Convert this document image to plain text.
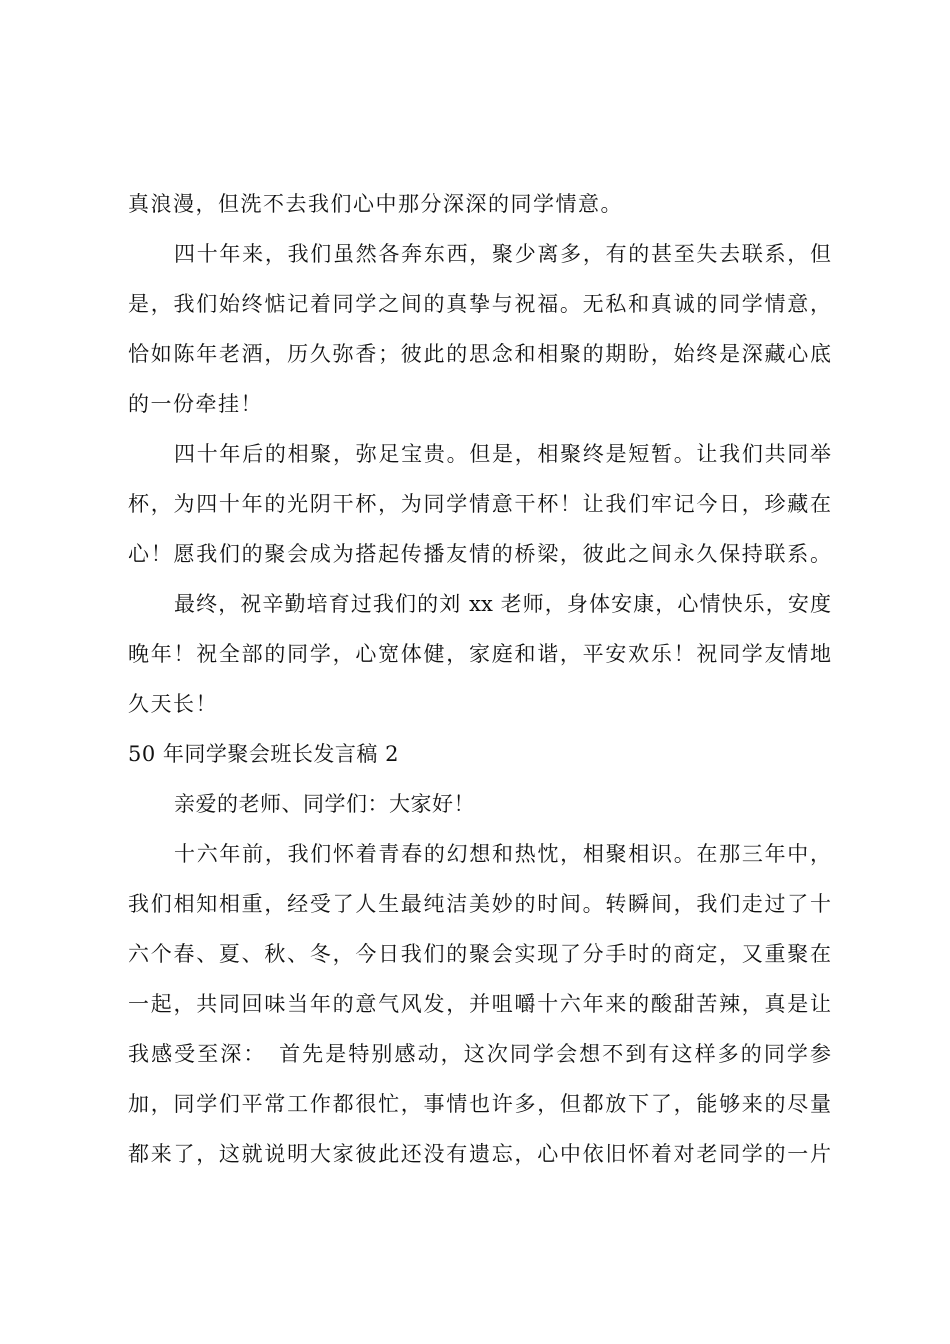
真浪漫，但洗不去我们心中那分深深的同学情意。
四十年来，我们虽然各奔东西，聚少离多，有的甚至失去联系，但
是，我们始终惦记着同学之间的真挚与祝福。无私和真诚的同学情意，
恰如陈年老酒，历久弥香；彼此的思念和相聚的期盼，始终是深藏心底
的一份牵挂！
四十年后的相聚，弥足宝贵。但是，相聚终是短暂。让我们共同举
杯，为四十年的光阴干杯，为同学情意干杯！让我们牢记今日，珍藏在
心！愿我们的聚会成为搭起传播友情的桥梁，彼此之间永久保持联系。
最终，祝辛勤培育过我们的刘 xx 老师，身体安康，心情快乐，安度
晚年！祝全部的同学，心宽体健，家庭和谐，平安欢乐！祝同学友情地
久天长！
50 年同学聚会班长发言稿 2
亲爱的老师、同学们：大家好！
十六年前，我们怀着青春的幻想和热忱，相聚相识。在那三年中，
我们相知相重，经受了人生最纯洁美妙的时间。转瞬间，我们走过了十
六个春、夏、秋、冬，今日我们的聚会实现了分手时的商定，又重聚在
一起，共同回味当年的意气风发，并咀嚼十六年来的酸甜苦辣，真是让
我感受至深：　首先是特别感动，这次同学会想不到有这样多的同学参
加，同学们平常工作都很忙，事情也许多，但都放下了，能够来的尽量
都来了，这就说明大家彼此还没有遗忘，心中依旧怀着对老同学的一片
